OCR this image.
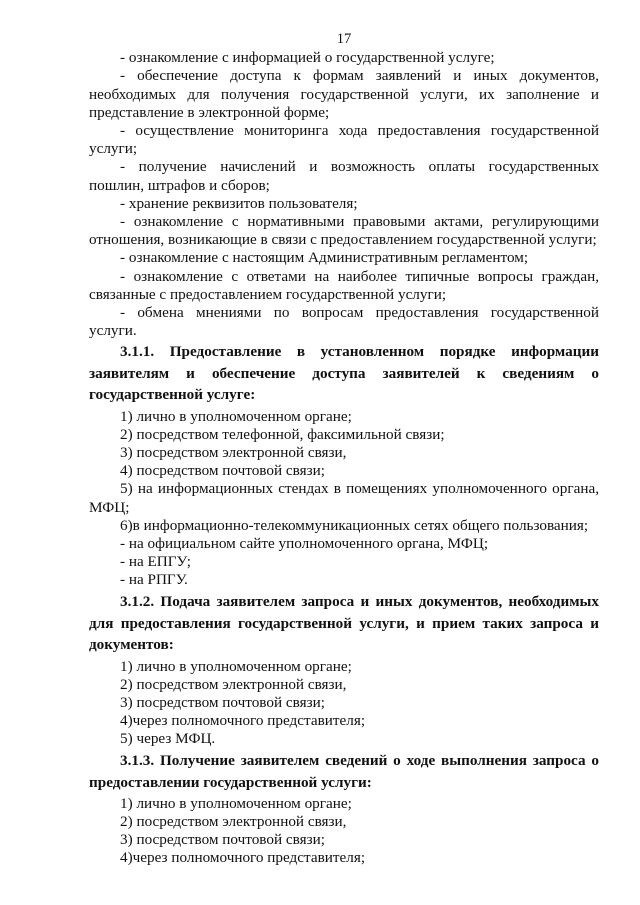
17

- ознакомление с информацией о государственной услуге;

- обеспечение доступа к формам заявлений и иных документов, необходимых для получения государственной услуги, их заполнение и представление в электронной форме;

- осуществление мониторинга хода предоставления государственной услуги;

- получение начислений и возможность оплаты государственных пошлин, штрафов и сборов;

- хранение реквизитов пользователя;

- ознакомление с нормативными правовыми актами, регулирующими отношения, возникающие в связи с предоставлением государственной услуги;

- ознакомление с настоящим Административным регламентом;

- ознакомление с ответами на наиболее типичные вопросы граждан, связанные с предоставлением государственной услуги;

- обмена мнениями по вопросам предоставления государственной услуги.

3.1.1. Предоставление в установленном порядке информации заявителям и обеспечение доступа заявителей к сведениям о государственной услуге:

1) лично в уполномоченном органе;

2) посредством телефонной, факсимильной связи;

3) посредством электронной связи,

4) посредством почтовой связи;

5) на информационных стендах в помещениях уполномоченного органа, МФЦ;

6)в информационно-телекоммуникационных сетях общего пользования;

- на официальном сайте уполномоченного органа, МФЦ;

- на ЕПГУ;

- на РПГУ.

3.1.2. Подача заявителем запроса и иных документов, необходимых для предоставления государственной услуги, и прием таких запроса и документов:

1) лично в уполномоченном органе;

2) посредством электронной связи,

3) посредством почтовой связи;

4)через полномочного представителя;

5) через МФЦ.

3.1.3. Получение заявителем сведений о ходе выполнения запроса о предоставлении государственной услуги:

1) лично в уполномоченном органе;

2) посредством электронной связи,

3) посредством почтовой связи;

4)через полномочного представителя;
